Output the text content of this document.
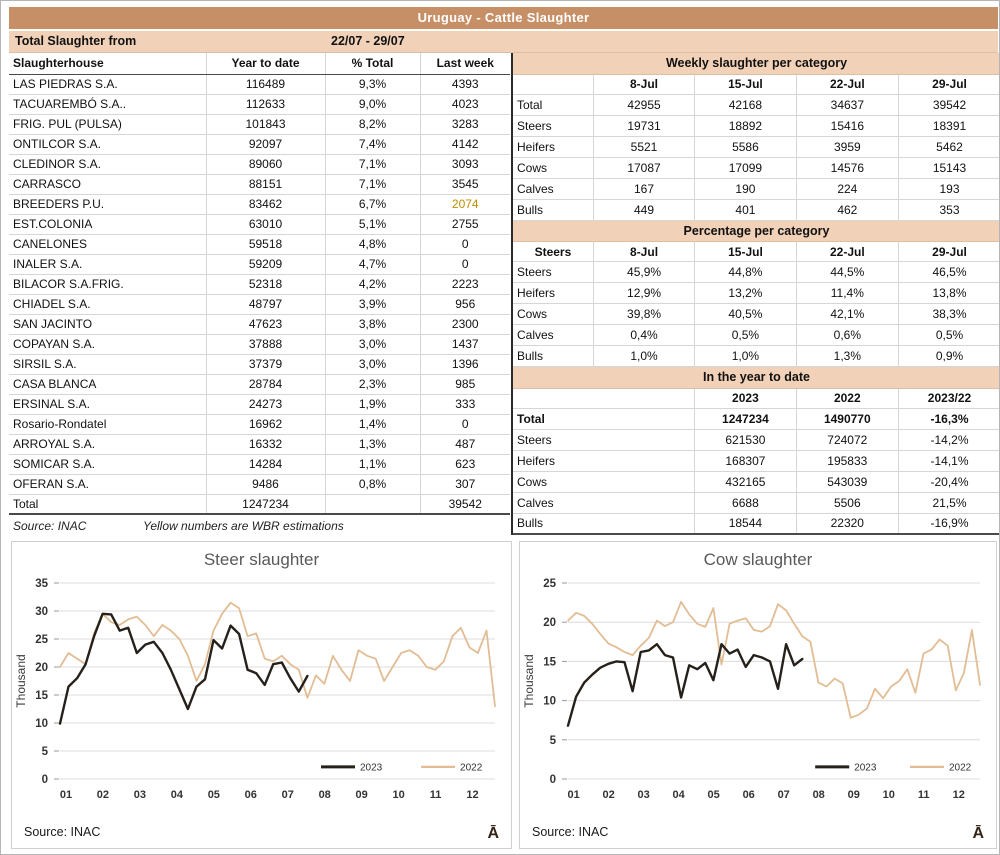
Uruguay - Cattle Slaughter
Total Slaughter from	22/07 - 29/07
Slaughterhouse	Year to date	% Total	Last week
LAS PIEDRAS S.A.	116489	9,3%	4393
TACUAREMBÓ S.A..	112633	9,0%	4023
FRIG. PUL (PULSA)	101843	8,2%	3283
ONTILCOR S.A.	92097	7,4%	4142
CLEDINOR S.A.	89060	7,1%	3093
CARRASCO	88151	7,1%	3545
BREEDERS P.U.	83462	6,7%	2074
EST.COLONIA	63010	5,1%	2755
CANELONES	59518	4,8%	0
INALER S.A.	59209	4,7%	0
BILACOR S.A.FRIG.	52318	4,2%	2223
CHIADEL S.A.	48797	3,9%	956
SAN JACINTO	47623	3,8%	2300
COPAYAN S.A.	37888	3,0%	1437
SIRSIL S.A.	37379	3,0%	1396
CASA BLANCA	28784	2,3%	985
ERSINAL S.A.	24273	1,9%	333
Rosario-Rondatel	16962	1,4%	0
ARROYAL S.A.	16332	1,3%	487
SOMICAR S.A.	14284	1,1%	623
OFERAN S.A.	9486	0,8%	307
Total	1247234		39542
Weekly slaughter per category				
	8-Jul	15-Jul	22-Jul	29-Jul
Total	42955	42168	34637	39542
Steers	19731	18892	15416	18391
Heifers	5521	5586	3959	5462
Cows	17087	17099	14576	15143
Calves	167	190	224	193
Bulls	449	401	462	353
Percentage per category				
Steers	8-Jul	15-Jul	22-Jul	29-Jul
Steers	45,9%	44,8%	44,5%	46,5%
Heifers	12,9%	13,2%	11,4%	13,8%
Cows	39,8%	40,5%	42,1%	38,3%
Calves	0,4%	0,5%	0,6%	0,5%
Bulls	1,0%	1,0%	1,3%	0,9%
In the year to date			
	2023	2022	2023/22
Total	1247234	1490770	-16,3%
Steers	621530	724072	-14,2%
Heifers	168307	195833	-14,1%
Cows	432165	543039	-20,4%
Calves	6688	5506	21,5%
Bulls	18544	22320	-16,9%
Source: INAC	Yellow numbers are WBR estimations
Steer slaughter
0
5
10
15
20
25
30
35
Thousand
01 02 03 04 05 06 07 08 09 10 11 12
2023	2022
Source: INAC	Ā
Cow slaughter
0
5
10
15
20
25
Thousand
01 02 03 04 05 06 07 08 09 10 11 12
2023	2022
Source: INAC	Ā
